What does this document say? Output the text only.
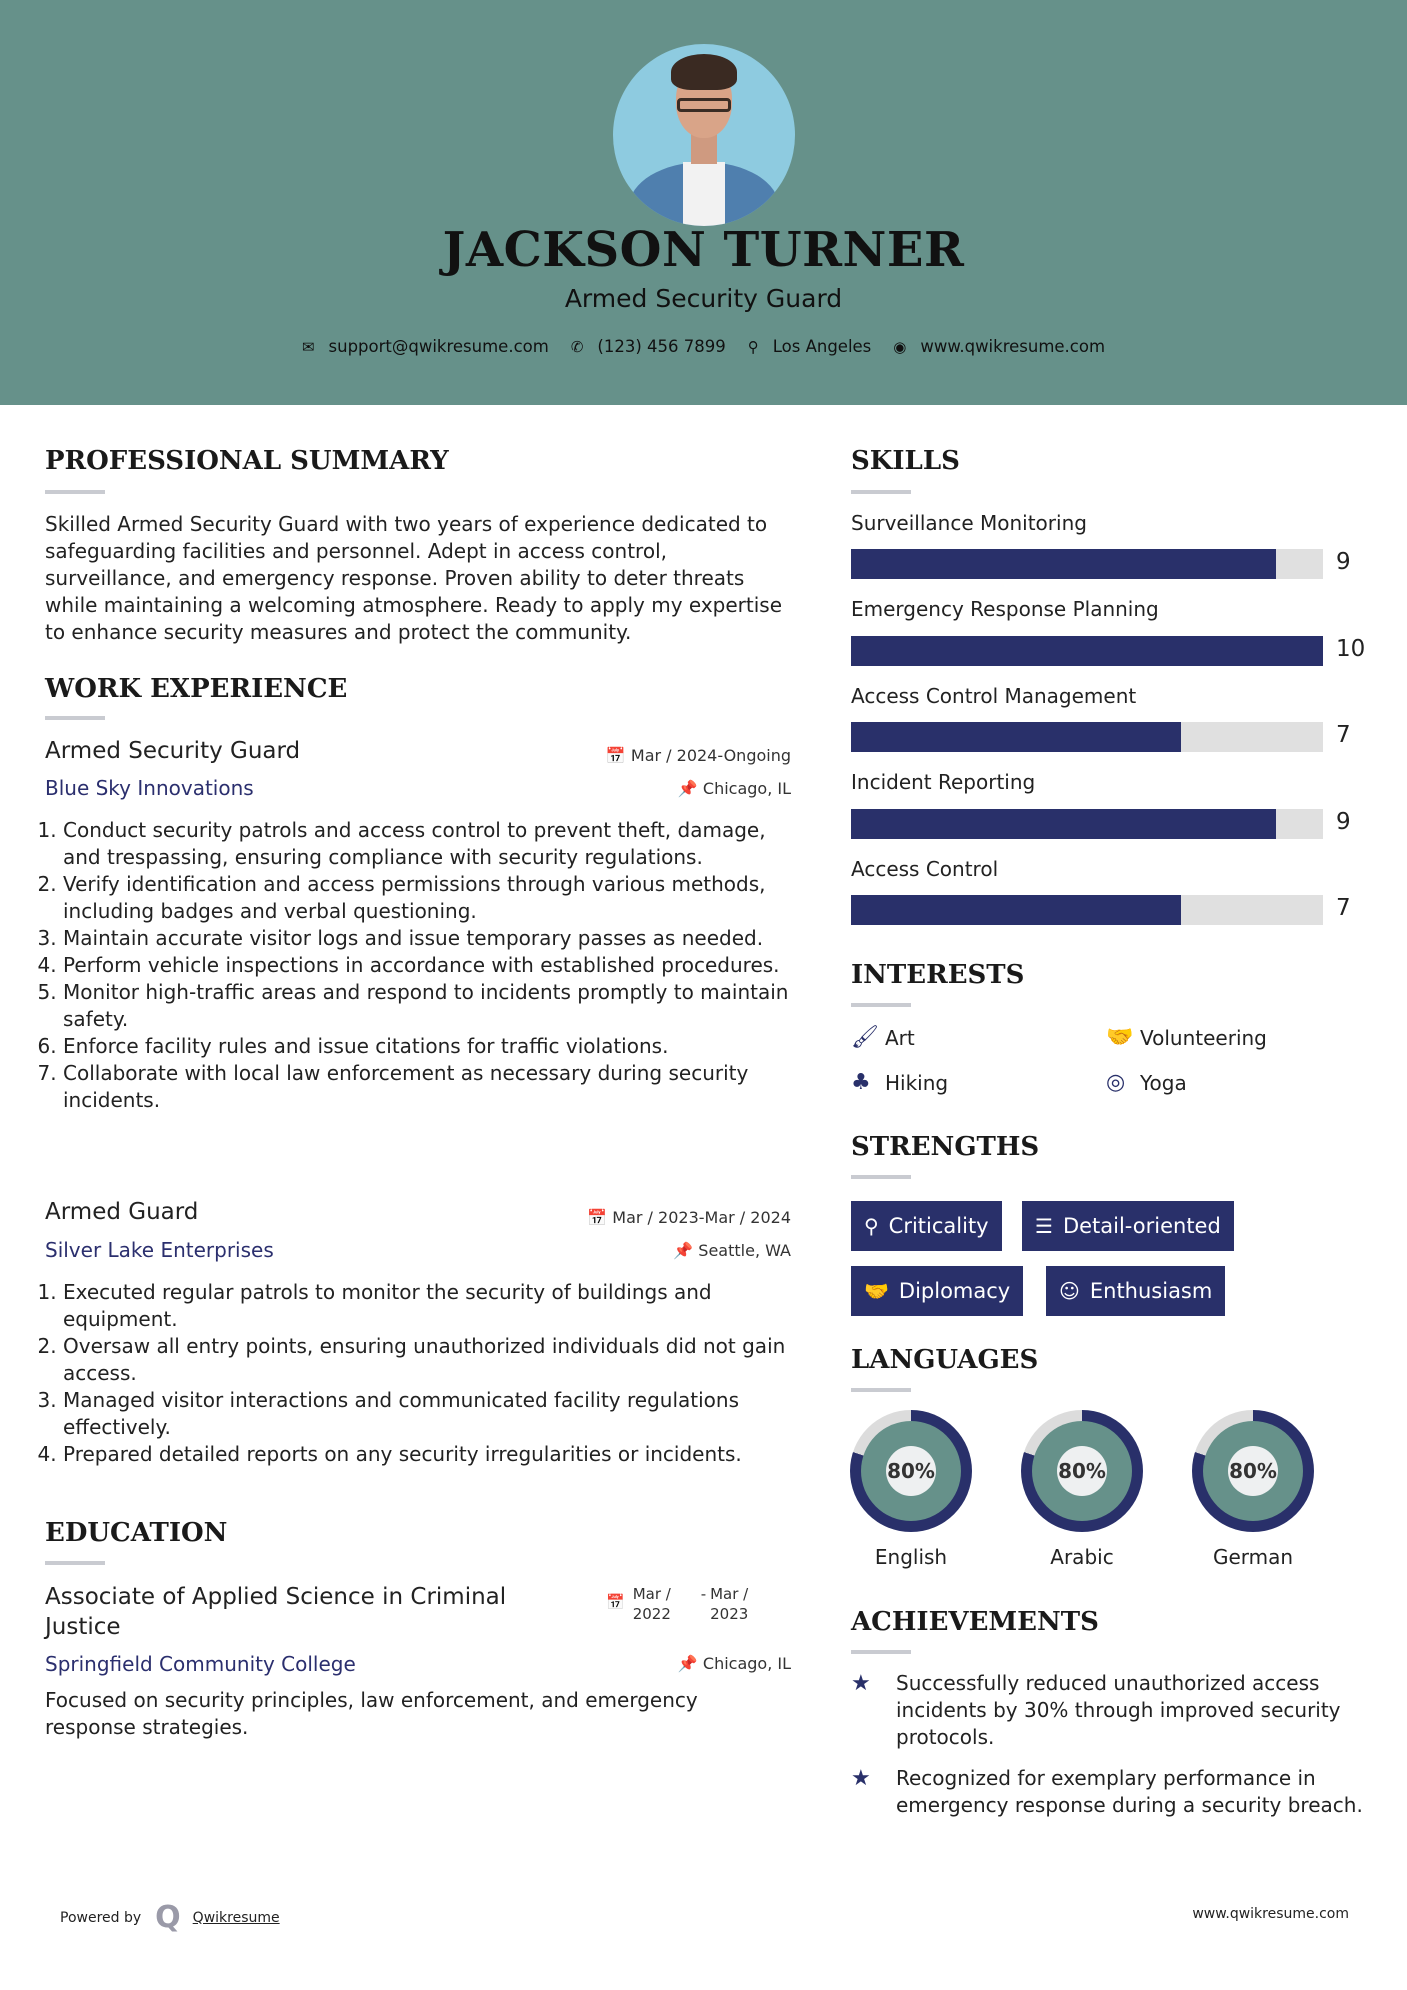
JACKSON TURNER
Armed Security Guard
✉ support@qwikresume.com ✆ (123) 456 7899 ⚲ Los Angeles ◉ www.qwikresume.com
PROFESSIONAL SUMMARY
Skilled Armed Security Guard with two years of experience dedicated to safeguarding facilities and personnel. Adept in access control, surveillance, and emergency response. Proven ability to deter threats while maintaining a welcoming atmosphere. Ready to apply my expertise to enhance security measures and protect the community.
WORK EXPERIENCE
Armed Security Guard	📅 Mar / 2024-Ongoing
Blue Sky Innovations	📌 Chicago, IL
1. Conduct security patrols and access control to prevent theft, damage, and trespassing, ensuring compliance with security regulations.
2. Verify identification and access permissions through various methods, including badges and verbal questioning.
3. Maintain accurate visitor logs and issue temporary passes as needed.
4. Perform vehicle inspections in accordance with established procedures.
5. Monitor high-traffic areas and respond to incidents promptly to maintain safety.
6. Enforce facility rules and issue citations for traffic violations.
7. Collaborate with local law enforcement as necessary during security incidents.
Armed Guard	📅 Mar / 2023-Mar / 2024
Silver Lake Enterprises	📌 Seattle, WA
1. Executed regular patrols to monitor the security of buildings and equipment.
2. Oversaw all entry points, ensuring unauthorized individuals did not gain access.
3. Managed visitor interactions and communicated facility regulations effectively.
4. Prepared detailed reports on any security irregularities or incidents.
EDUCATION
Associate of Applied Science in Criminal Justice
📅 Mar / 2022
- Mar / 2023
Springfield Community College	📌 Chicago, IL
Focused on security principles, law enforcement, and emergency response strategies.
SKILLS
Surveillance Monitoring
9
Emergency Response Planning
10
Access Control Management
7
Incident Reporting
9
Access Control
7
INTERESTS
🖌 Art	🤝 Volunteering
♣ Hiking	◎ Yoga
STRENGTHS
⚲ Criticality ☰ Detail-oriented
🤝 Diplomacy ☺ Enthusiasm
LANGUAGES
80%
English
80%
Arabic
80%
German
ACHIEVEMENTS
★	Successfully reduced unauthorized access incidents by 30% through improved security protocols.
★	Recognized for exemplary performance in emergency response during a security breach.
Powered by Q Qwikresume	www.qwikresume.com
